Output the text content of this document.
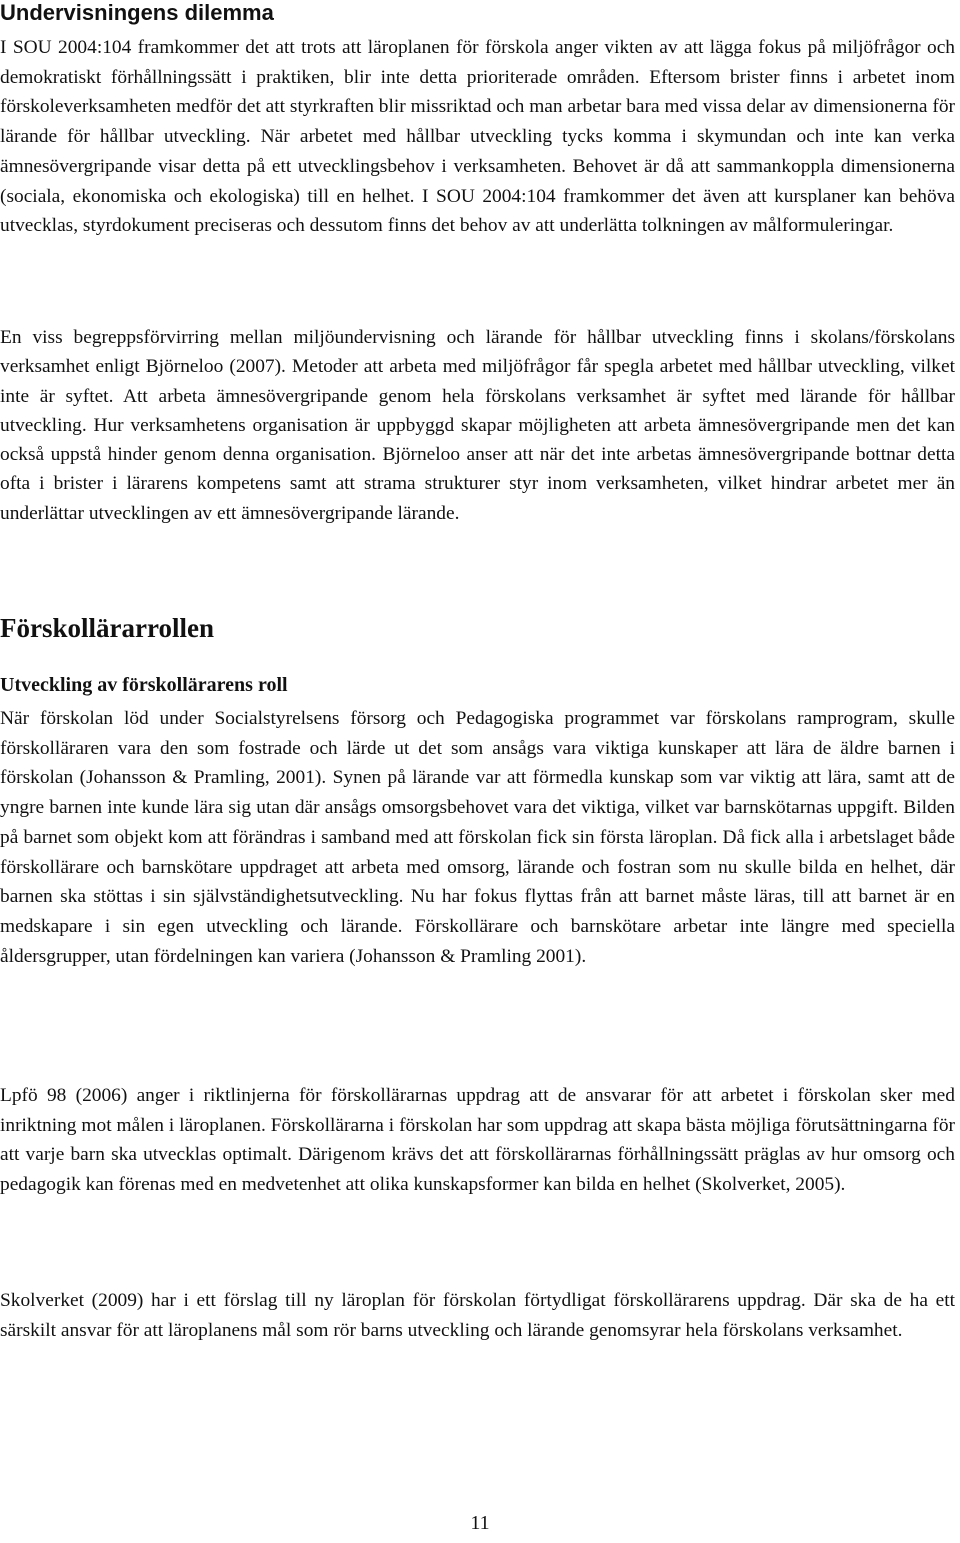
Undervisningens dilemma

I SOU 2004:104 framkommer det att trots att läroplanen för förskola anger vikten av att lägga fokus på miljöfrågor och demokratiskt förhållningssätt i praktiken, blir inte detta prioriterade områden. Eftersom brister finns i arbetet inom förskoleverksamheten medför det att styrkraften blir missriktad och man arbetar bara med vissa delar av dimensionerna för lärande för hållbar utveckling. När arbetet med hållbar utveckling tycks komma i skymundan och inte kan verka ämnesövergripande visar detta på ett utvecklingsbehov i verksamheten. Behovet är då att sammankoppla dimensionerna (sociala, ekonomiska och ekologiska) till en helhet. I SOU 2004:104 framkommer det även att kursplaner kan behöva utvecklas, styrdokument preciseras och dessutom finns det behov av att underlätta tolkningen av målformuleringar.

En viss begreppsförvirring mellan miljöundervisning och lärande för hållbar utveckling finns i skolans/förskolans verksamhet enligt Björneloo (2007). Metoder att arbeta med miljöfrågor får spegla arbetet med hållbar utveckling, vilket inte är syftet. Att arbeta ämnesövergripande genom hela förskolans verksamhet är syftet med lärande för hållbar utveckling. Hur verksamhetens organisation är uppbyggd skapar möjligheten att arbeta ämnesövergripande men det kan också uppstå hinder genom denna organisation. Björneloo anser att när det inte arbetas ämnesövergripande bottnar detta ofta i brister i lärarens kompetens samt att strama strukturer styr inom verksamheten, vilket hindrar arbetet mer än underlättar utvecklingen av ett ämnesövergripande lärande.

Förskollärarrollen
Utveckling av förskollärarens roll

När förskolan löd under Socialstyrelsens försorg och Pedagogiska programmet var förskolans ramprogram, skulle förskolläraren vara den som fostrade och lärde ut det som ansågs vara viktiga kunskaper att lära de äldre barnen i förskolan (Johansson & Pramling, 2001). Synen på lärande var att förmedla kunskap som var viktig att lära, samt att de yngre barnen inte kunde lära sig utan där ansågs omsorgsbehovet vara det viktiga, vilket var barnskötarnas uppgift. Bilden på barnet som objekt kom att förändras i samband med att förskolan fick sin första läroplan. Då fick alla i arbetslaget både förskollärare och barnskötare uppdraget att arbeta med omsorg, lärande och fostran som nu skulle bilda en helhet, där barnen ska stöttas i sin självständighetsutveckling. Nu har fokus flyttas från att barnet måste läras, till att barnet är en medskapare i sin egen utveckling och lärande. Förskollärare och barnskötare arbetar inte längre med speciella åldersgrupper, utan fördelningen kan variera (Johansson & Pramling 2001).

Lpfö 98 (2006) anger i riktlinjerna för förskollärarnas uppdrag att de ansvarar för att arbetet i förskolan sker med inriktning mot målen i läroplanen. Förskollärarna i förskolan har som uppdrag att skapa bästa möjliga förutsättningarna för att varje barn ska utvecklas optimalt. Därigenom krävs det att förskollärarnas förhållningssätt präglas av hur omsorg och pedagogik kan förenas med en medvetenhet att olika kunskapsformer kan bilda en helhet (Skolverket, 2005).

Skolverket (2009) har i ett förslag till ny läroplan för förskolan förtydligat förskollärarens uppdrag. Där ska de ha ett särskilt ansvar för att läroplanens mål som rör barns utveckling och lärande genomsyrar hela förskolans verksamhet.

11
